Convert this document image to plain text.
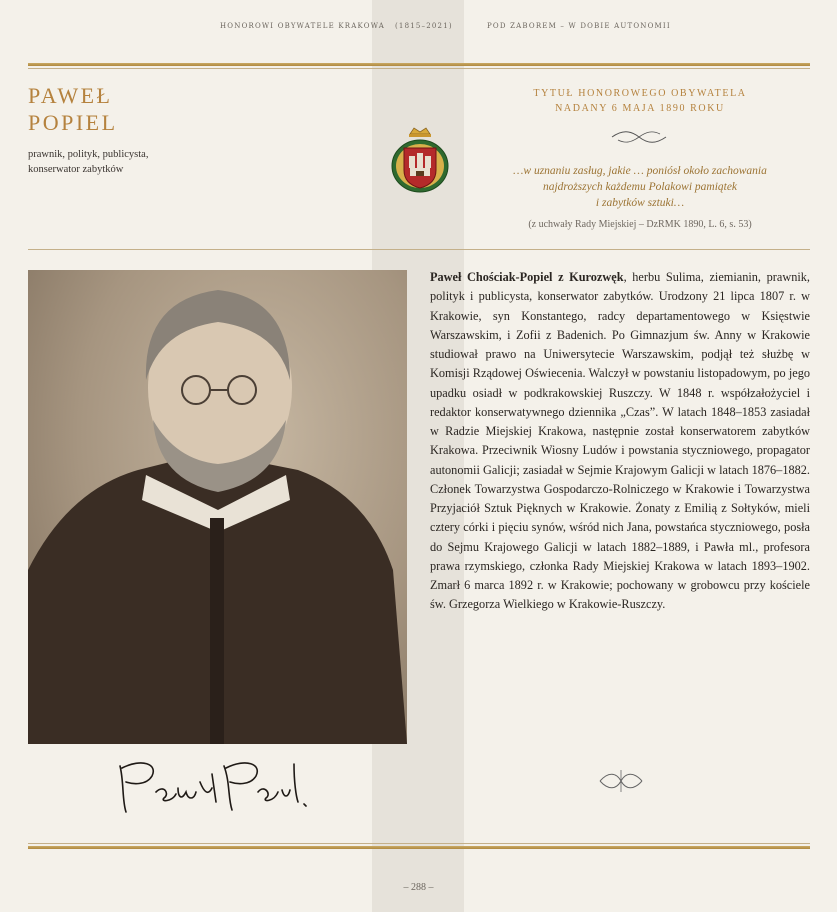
HONOROWI OBYWATELE KRAKOWA (1815–2021)	POD ZABOREM – W DOBIE AUTONOMII
PAWEŁ
POPIEL
prawnik, polityk, publicysta,
konserwator zabytków
TYTUŁ HONOROWEGO OBYWATELA
NADANY 6 MAJA 1890 ROKU
…w uznaniu zasług, jakie … poniósł około zachowania
najdroższych każdemu Polakowi pamiątek
i zabytków sztuki…
(z uchwały Rady Miejskiej – DzRMK 1890, L. 6, s. 53)
Paweł Chościak-Popiel z Kurozwęk, herbu Sulima, ziemianin, prawnik, polityk i publicysta, konserwator zabytków. Urodzony 21 lipca 1807 r. w Krakowie, syn Konstantego, radcy departamentowego w Księstwie Warszawskim, i Zofii z Badenich. Po Gimnazjum św. Anny w Krakowie studiował prawo na Uniwersytecie Warszawskim, podjął też służbę w Komisji Rządowej Oświecenia. Walczył w powstaniu listopadowym, po jego upadku osiadł w podkrakowskiej Ruszczy. W 1848 r. współzałożyciel i redaktor konserwatywnego dziennika „Czas”. W latach 1848–1853 zasiadał w Radzie Miejskiej Krakowa, następnie został konserwatorem zabytków Krakowa. Przeciwnik Wiosny Ludów i powstania styczniowego, propagator autonomii Galicji; zasiadał w Sejmie Krajowym Galicji w latach 1876–1882. Członek Towarzystwa Gospodarczo-Rolniczego w Krakowie i Towarzystwa Przyjaciół Sztuk Pięknych w Krakowie. Żonaty z Emilią z Sołtyków, mieli cztery córki i pięciu synów, wśród nich Jana, powstańca styczniowego, posła do Sejmu Krajowego Galicji w latach 1882–1889, i Pawła ml., profesora prawa rzymskiego, członka Rady Miejskiej Krakowa w latach 1893–1902. Zmarł 6 marca 1892 r. w Krakowie; pochowany w grobowcu przy kościele św. Grzegorza Wielkiego w Krakowie-Ruszczy.
– 288 –
